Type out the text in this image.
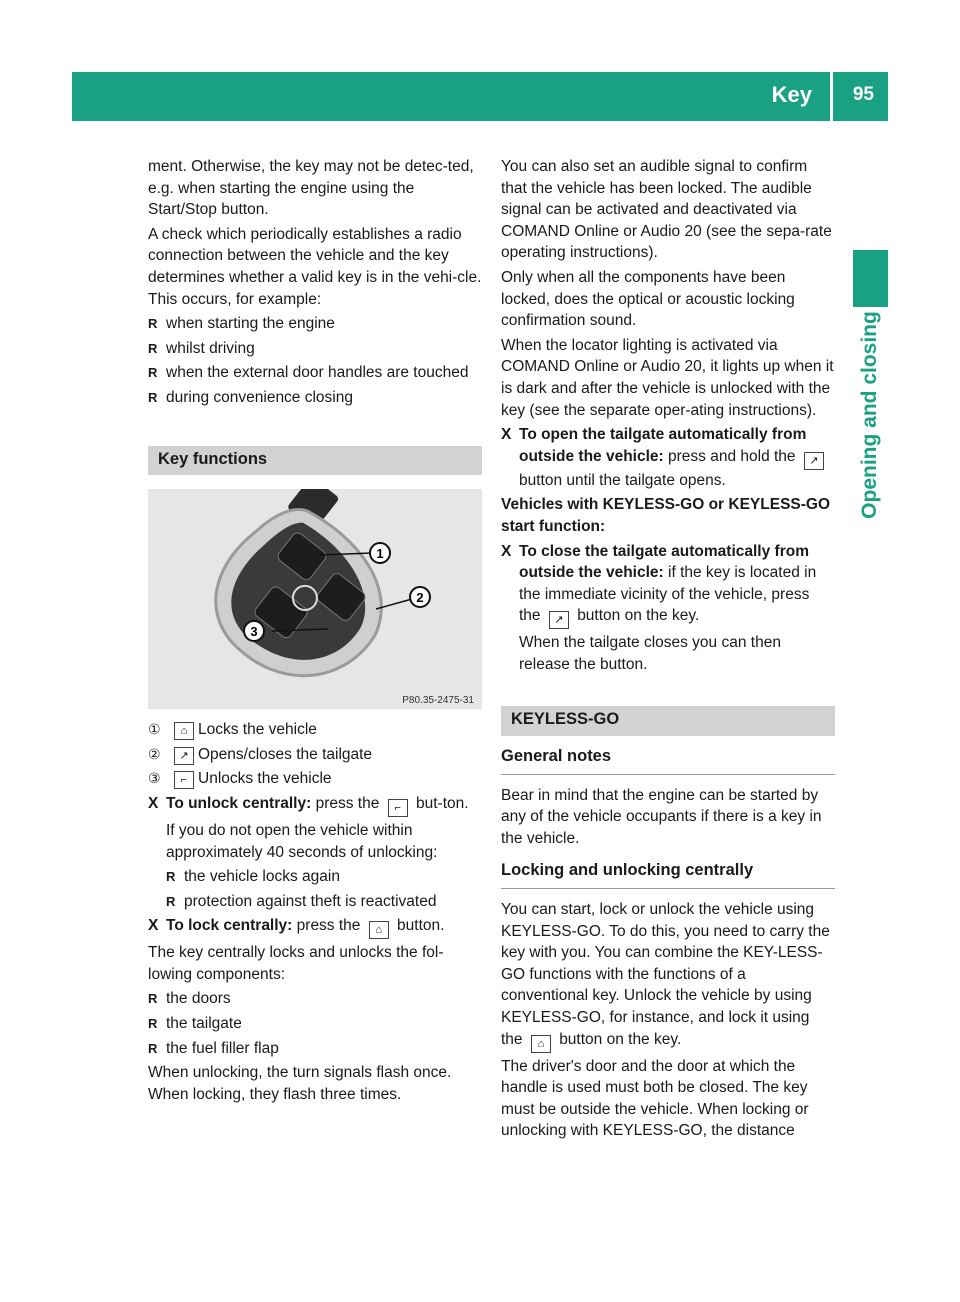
Key 95
Opening and closing

ment. Otherwise, the key may not be detec-ted, e.g. when starting the engine using the Start/Stop button.

A check which periodically establishes a radio connection between the vehicle and the key determines whether a valid key is in the vehi-cle. This occurs, for example:

R when starting the engine
R whilst driving
R when the external door handles are touched
R during convenience closing
Key functions
1
2
3
P80.35-2475-31
①	⌂ Locks the vehicle
②	↗ Opens/closes the tailgate
③	⌐ Unlocks the vehicle
X To unlock centrally: press the ⌐ but-ton.

If you do not open the vehicle within approximately 40 seconds of unlocking:

R the vehicle locks again
R protection against theft is reactivated
X To lock centrally: press the ⌂ button.

The key centrally locks and unlocks the fol-lowing components:

R the doors
R the tailgate
R the fuel filler flap

When unlocking, the turn signals flash once. When locking, they flash three times.

You can also set an audible signal to confirm that the vehicle has been locked. The audible signal can be activated and deactivated via COMAND Online or Audio 20 (see the sepa-rate operating instructions).

Only when all the components have been locked, does the optical or acoustic locking confirmation sound.

When the locator lighting is activated via COMAND Online or Audio 20, it lights up when it is dark and after the vehicle is unlocked with the key (see the separate oper-ating instructions).

X To open the tailgate automatically from outside the vehicle: press and hold the ↗ button until the tailgate opens.

Vehicles with KEYLESS-GO or KEYLESS-GO start function:

X To close the tailgate automatically from outside the vehicle: if the key is located in the immediate vicinity of the vehicle, press the ↗ button on the key.

When the tailgate closes you can then release the button.

KEYLESS-GO
General notes

Bear in mind that the engine can be started by any of the vehicle occupants if there is a key in the vehicle.

Locking and unlocking centrally

You can start, lock or unlock the vehicle using KEYLESS-GO. To do this, you need to carry the key with you. You can combine the KEY-LESS-GO functions with the functions of a conventional key. Unlock the vehicle by using KEYLESS-GO, for instance, and lock it using the ⌂ button on the key.

The driver's door and the door at which the handle is used must both be closed. The key must be outside the vehicle. When locking or unlocking with KEYLESS-GO, the distance
